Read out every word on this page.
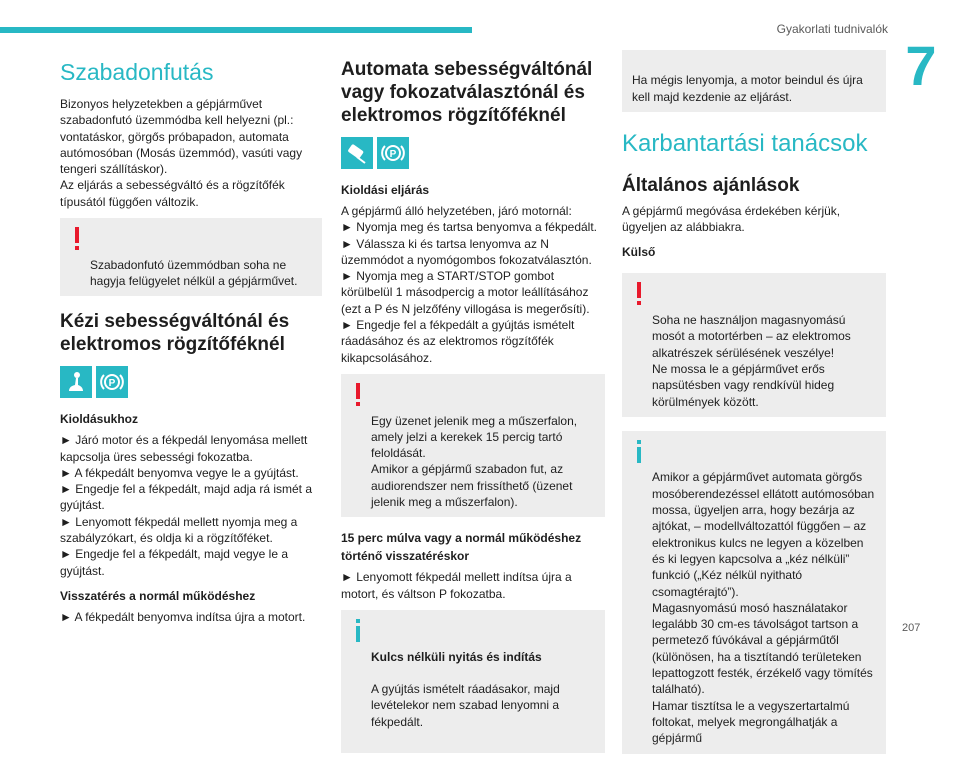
Gyakorlati tudnivalók
7
Szabadonfutás
Bizonyos helyzetekben a gépjárművet szabadonfutó üzemmódba kell helyezni (pl.: vontatáskor, görgős próbapadon, automata autómosóban (Mosás üzemmód), vasúti vagy tengeri szállításkor).
Az eljárás a sebességváltó és a rögzítőfék típusától függően változik.

Szabadonfutó üzemmódban soha ne hagyja felügyelet nélkül a gépjárművet.

Kézi sebességváltónál és elektromos rögzítőféknél
P
Kioldásukhoz
► Járó motor és a fékpedál lenyomása mellett kapcsolja üres sebességi fokozatba.
► A fékpedált benyomva vegye le a gyújtást.
► Engedje fel a fékpedált, majd adja rá ismét a gyújtást.
► Lenyomott fékpedál mellett nyomja meg a szabályzókart, és oldja ki a rögzítőféket.
► Engedje fel a fékpedált, majd vegye le a gyújtást.
Visszatérés a normál működéshez
► A fékpedált benyomva indítsa újra a motort.
Automata sebességváltónál vagy fokozatválasztónál és elektromos rögzítőféknél
P
Kioldási eljárás
A gépjármű álló helyzetében, járó motornál:
► Nyomja meg és tartsa benyomva a fékpedált.
► Válassza ki és tartsa lenyomva az N üzemmódot a nyomógombos fokozatválasztón.
► Nyomja meg a START/STOP gombot körülbelül 1 másodpercig a motor leállításához (ezt a P és N jelzőfény villogása is megerősíti).
► Engedje fel a fékpedált a gyújtás ismételt ráadásához és az elektromos rögzítőfék kikapcsolásához.

Egy üzenet jelenik meg a műszerfalon, amely jelzi a kerekek 15 percig tartó feloldását.
Amikor a gépjármű szabadon fut, az audiorendszer nem frissíthető (üzenet jelenik meg a műszerfalon).

15 perc múlva vagy a normál működéshez történő visszatéréskor
► Lenyomott fékpedál mellett indítsa újra a motort, és váltson P fokozatba.

Kulcs nélküli nyitás és indítás

A gyújtás ismételt ráadásakor, majd levételekor nem szabad lenyomni a fékpedált.

Ha mégis lenyomja, a motor beindul és újra kell majd kezdenie az eljárást.

Karbantartási tanácsok
Általános ajánlások
A gépjármű megóvása érdekében kérjük, ügyeljen az alábbiakra.
Külső

Soha ne használjon magasnyomású mosót a motortérben – az elektromos alkatrészek sérülésének veszélye!
Ne mossa le a gépjárművet erős napsütésben vagy rendkívül hideg körülmények között.

Amikor a gépjárművet automata görgős mosóberendezéssel ellátott autómosóban mossa, ügyeljen arra, hogy bezárja az ajtókat, – modellváltozattól függően – az elektronikus kulcs ne legyen a közelben és ki legyen kapcsolva a „kéz nélküli” funkció („Kéz nélkül nyitható csomagtérajtó”).
Magasnyomású mosó használatakor legalább 30 cm-es távolságot tartson a permetező fúvókával a gépjárműtől (különösen, ha a tisztítandó területeken lepattogzott festék, érzékelő vagy tömítés található).
Hamar tisztítsa le a vegyszertartalmú foltokat, melyek megrongálhatják a gépjármű

207
